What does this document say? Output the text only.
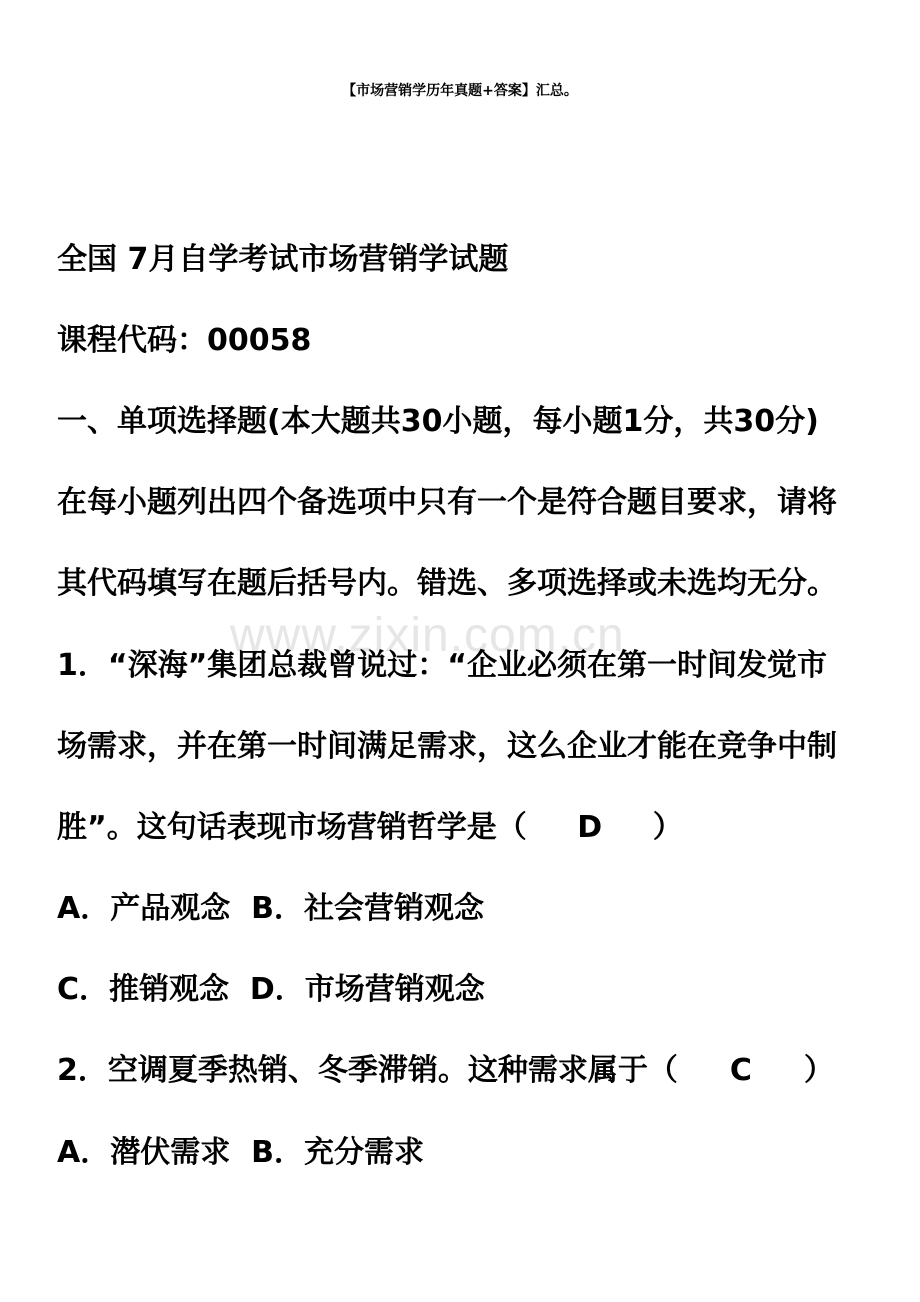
www.zixin.com.cn
【市场营销学历年真题+答案】汇总。
全国 7月自学考试市场营销学试题
课程代码：00058
一、单项选择题(本大题共30小题，每小题1分，共30分)
在每小题列出四个备选项中只有一个是符合题目要求，请将
其代码填写在题后括号内。错选、多项选择或未选均无分。
1．“深海”集团总裁曾说过：“企业必须在第一时间发觉市
场需求，并在第一时间满足需求，这么企业才能在竞争中制
胜”。这句话表现市场营销哲学是（ D ）
A．产品观念  B．社会营销观念
C．推销观念  D．市场营销观念
2．空调夏季热销、冬季滞销。这种需求属于（ C ）
A．潜伏需求  B．充分需求
